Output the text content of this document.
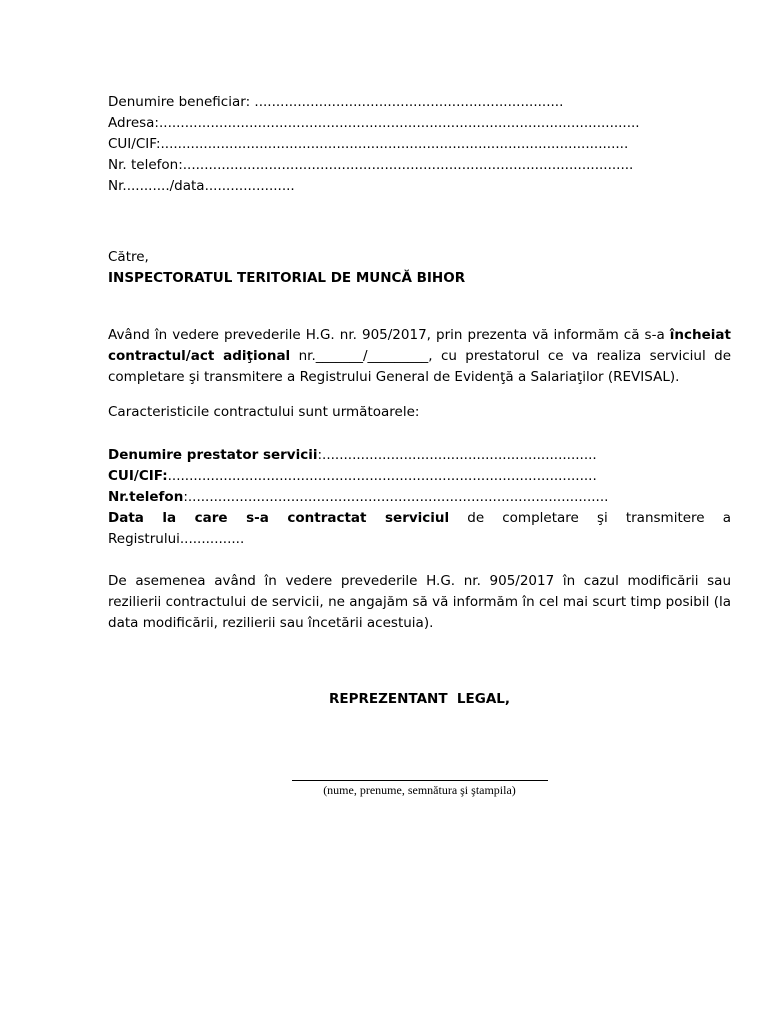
Denumire beneficiar: ........................................................................

Adresa:................................................................................................................

CUI/CIF:.............................................................................................................

Nr. telefon:.........................................................................................................

Nr.........../data.....................

Către,

INSPECTORATUL TERITORIAL DE MUNCĂ BIHOR

Având în vedere prevederile H.G. nr. 905/2017, prin prezenta vă informăm că s-a încheiat contractul/act adiţional nr._______/_________, cu prestatorul ce va realiza serviciul de completare şi transmitere a Registrului General de Evidenţă a Salariaţilor (REVISAL).

Caracteristicile contractului sunt următoarele:

Denumire prestator servicii:................................................................

CUI/CIF:....................................................................................................

Nr.telefon:..................................................................................................

Data la care s-a contractat serviciul de completare şi transmitere a Registrului...............

De asemenea având în vedere prevederile H.G. nr. 905/2017 în cazul modificării sau rezilierii contractului de servicii, ne angajăm să vă informăm în cel mai scurt timp posibil (la data modificării, rezilierii sau încetării acestuia).

REPREZENTANT  LEGAL,

(nume, prenume, semnătura şi ştampila)
